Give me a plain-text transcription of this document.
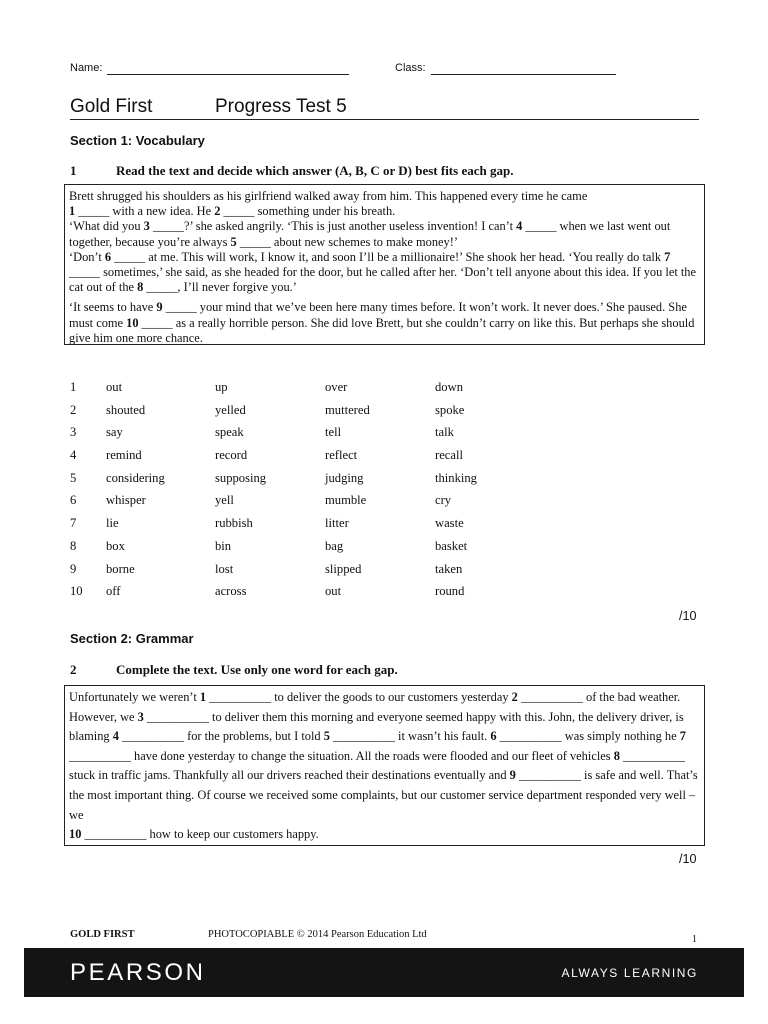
Name:	Class:
Gold First	Progress Test 5
Section 1: Vocabulary
1	Read the text and decide which answer (A, B, C or D) best fits each gap.

Brett shrugged his shoulders as his girlfriend walked away from him. This happened every time he came
1 _____ with a new idea. He 2 _____ something under his breath.
‘What did you 3 _____?’ she asked angrily. ‘This is just another useless invention! I can’t 4 _____ when we last went out together, because you’re always 5 _____ about new schemes to make money!’
‘Don’t 6 _____ at me. This will work, I know it, and soon I’ll be a millionaire!’ She shook her head. ‘You really do talk 7 _____ sometimes,’ she said, as she headed for the door, but he called after her. ‘Don’t tell anyone about this idea. If you let the cat out of the 8 _____, I’ll never forgive you.’

‘It seems to have 9 _____ your mind that we’ve been here many times before. It won’t work. It never does.’ She paused. She must come 10 _____ as a really horrible person. She did love Brett, but she couldn’t carry on like this. But perhaps she should give him one more chance.

1 out	up	over	down
2 shouted	yelled	muttered	spoke
3 say	speak	tell	talk
4 remind	record	reflect	recall
5 considering	supposing	judging	thinking
6 whisper	yell	mumble	cry
7 lie	rubbish	litter	waste
8 box	bin	bag	basket
9 borne	lost	slipped	taken
10 off	across	out	round
/10
Section 2: Grammar
2	Complete the text. Use only one word for each gap.

Unfortunately we weren’t 1 __________ to deliver the goods to our customers yesterday 2 __________ of the bad weather. However, we 3 __________ to deliver them this morning and everyone seemed happy with this. John, the delivery driver, is blaming 4 __________ for the problems, but I told 5 __________ it wasn’t his fault. 6 __________ was simply nothing he 7 __________ have done yesterday to change the situation. All the roads were flooded and our fleet of vehicles 8 __________ stuck in traffic jams. Thankfully all our drivers reached their destinations eventually and 9 __________ is safe and well. That’s the most important thing. Of course we received some complaints, but our customer service department responded very well – we
10 __________ how to keep our customers happy.

/10
GOLD FIRST	PHOTOCOPIABLE © 2014 Pearson Education Ltd	1
PEARSON	ALWAYS LEARNING
